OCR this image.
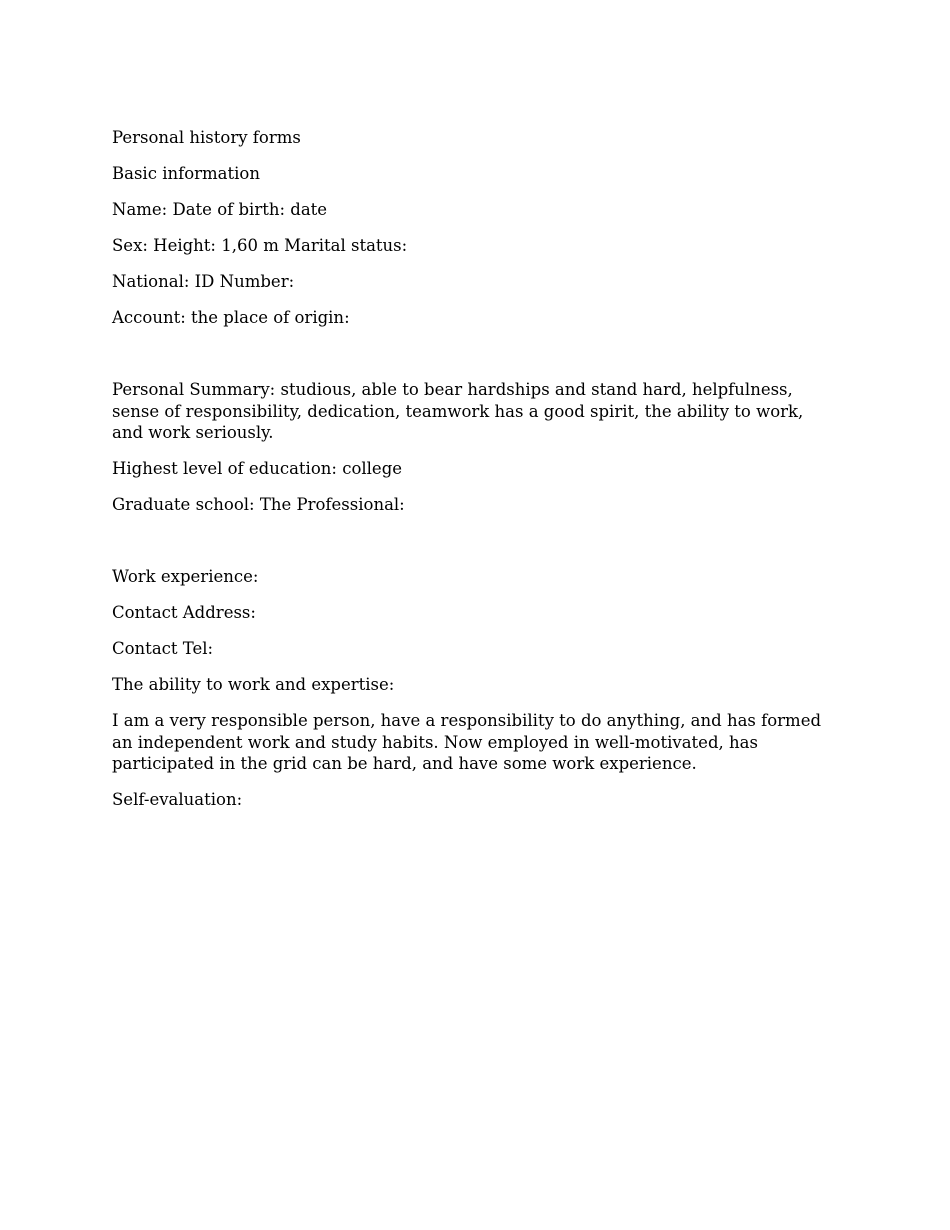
Personal history forms

Basic information

Name: Date of birth: date

Sex: Height: 1,60 m Marital status:

National: ID Number:

Account: the place of origin:

Personal Summary: studious, able to bear hardships and stand hard, helpfulness, sense of responsibility, dedication, teamwork has a good spirit, the ability to work, and work seriously.

Highest level of education: college

Graduate school: The Professional:

Work experience:

Contact Address:

Contact Tel:

The ability to work and expertise:

I am a very responsible person, have a responsibility to do anything, and has formed an independent work and study habits. Now employed in well-motivated, has participated in the grid can be hard, and have some work experience.

Self-evaluation:
